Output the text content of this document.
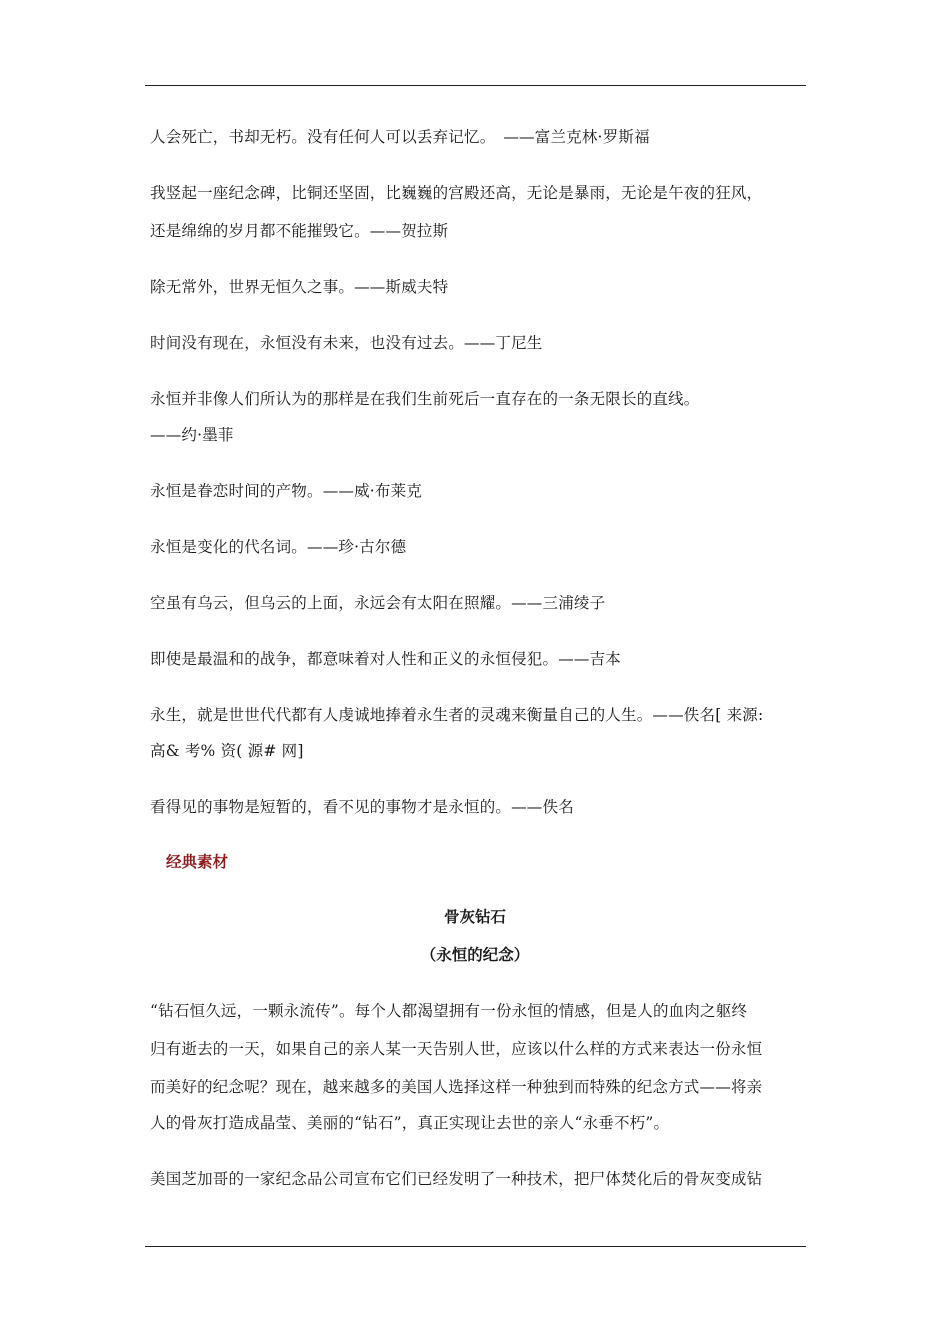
人会死亡，书却无朽。没有任何人可以丢弃记忆。　——富兰克林·罗斯福
我竖起一座纪念碑，比铜还坚固，比巍巍的宫殿还高，无论是暴雨，无论是午夜的狂风，
还是绵绵的岁月都不能摧毁它。——贺拉斯
除无常外，世界无恒久之事。——斯威夫特
时间没有现在，永恒没有未来，也没有过去。——丁尼生
永恒并非像人们所认为的那样是在我们生前死后一直存在的一条无限长的直线。
——约·墨菲
永恒是眷恋时间的产物。——威·布莱克
永恒是变化的代名词。——珍·古尔德
空虽有乌云，但乌云的上面，永远会有太阳在照耀。——三浦绫子
即使是最温和的战争，都意味着对人性和正义的永恒侵犯。——吉本
永生，就是世世代代都有人虔诚地捧着永生者的灵魂来衡量自己的人生。——佚名[ 来源:
高& 考% 资( 源# 网]
看得见的事物是短暂的，看不见的事物才是永恒的。——佚名
经典素材
骨灰钻石
（永恒的纪念）
“钻石恒久远，一颗永流传”。每个人都渴望拥有一份永恒的情感，但是人的血肉之躯终
归有逝去的一天，如果自己的亲人某一天告别人世，应该以什么样的方式来表达一份永恒
而美好的纪念呢？现在，越来越多的美国人选择这样一种独到而特殊的纪念方式——将亲
人的骨灰打造成晶莹、美丽的“钻石”，真正实现让去世的亲人“永垂不朽”。
美国芝加哥的一家纪念品公司宣布它们已经发明了一种技术，把尸体焚化后的骨灰变成钻
